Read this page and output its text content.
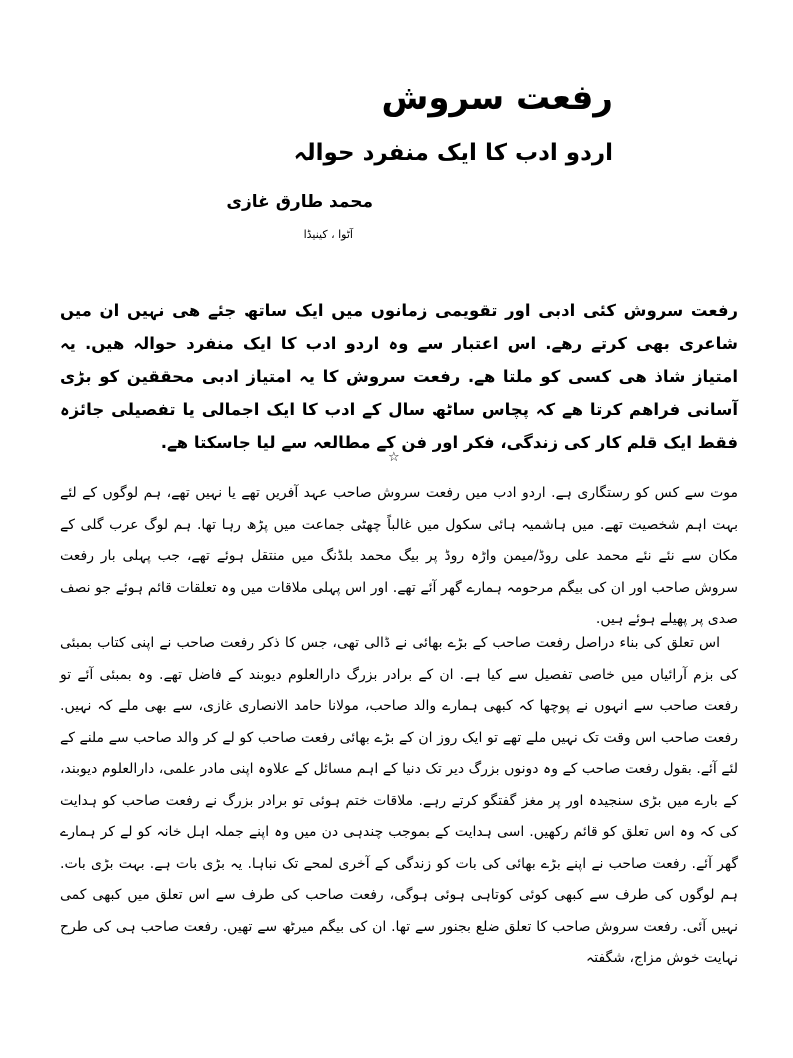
رفعت سروش
اردو ادب کا ایک منفرد حوالہ
محمد طارق غازی
آٹوا ، کینیڈا

رفعت سروش کئی ادبی اور تقویمی زمانوں میں ایک ساتھ جئے ھی نہیں ان میں شاعری بھی کرتے رھے. اس اعتبار سے وہ اردو ادب کا ایک منفرد حوالہ ھیں. یہ امتیاز شاذ ھی کسی کو ملتا ھے. رفعت سروش کا یہ امتیاز ادبی محققین کو بڑی آسانی فراھم کرتا ھے کہ پچاس ساٹھ سال کے ادب کا ایک اجمالی یا تفصیلی جائزہ فقط ایک قلم کار کی زندگی، فکر اور فن کے مطالعہ سے لیا جاسکتا ھے.

☆

موت سے کس کو رستگاری ہے. اردو ادب میں رفعت سروش صاحب عہد آفریں تھے یا نہیں تھے، ہم لوگوں کے لئے بہت اہم شخصیت تھے. میں ہاشمیہ ہائی سکول میں غالباً چھٹی جماعت میں پڑھ رہا تھا. ہم لوگ عرب گلی کے مکان سے نئے نئے محمد علی روڈ/میمن واڑہ روڈ پر بیگ محمد بلڈنگ میں منتقل ہوئے تھے، جب پہلی بار رفعت سروش صاحب اور ان کی بیگم مرحومہ ہمارے گھر آئے تھے. اور اس پہلی ملاقات میں وہ تعلقات قائم ہوئے جو نصف صدی پر پھیلے ہوئے ہیں.

اس تعلق کی بناء دراصل رفعت صاحب کے بڑے بھائی نے ڈالی تھی، جس کا ذکر رفعت صاحب نے اپنی کتاب بمبئی کی بزم آرائیاں میں خاصی تفصیل سے کیا ہے. ان کے برادر بزرگ دارالعلوم دیوبند کے فاضل تھے. وہ بمبئی آئے تو رفعت صاحب سے انہوں نے پوچھا کہ کبھی ہمارے والد صاحب، مولانا حامد الانصاری غازی، سے بھی ملے کہ نہیں. رفعت صاحب اس وقت تک نہیں ملے تھے تو ایک روز ان کے بڑے بھائی رفعت صاحب کو لے کر والد صاحب سے ملنے کے لئے آئے. بقول رفعت صاحب کے وہ دونوں بزرگ دیر تک دنیا کے اہم مسائل کے علاوہ اپنی مادر علمی، دارالعلوم دیوبند، کے بارے میں بڑی سنجیدہ اور پر مغز گفتگو کرتے رہے. ملاقات ختم ہوئی تو برادر بزرگ نے رفعت صاحب کو ہدایت کی کہ وہ اس تعلق کو قائم رکھیں. اسی ہدایت کے بموجب چندہی دن میں وہ اپنے جملہ اہل خانہ کو لے کر ہمارے گھر آئے. رفعت صاحب نے اپنے بڑے بھائی کی بات کو زندگی کے آخری لمحے تک نباہا. یہ بڑی بات ہے. بہت بڑی بات. ہم لوگوں کی طرف سے کبھی کوئی کوتاہی ہوئی ہوگی، رفعت صاحب کی طرف سے اس تعلق میں کبھی کمی نہیں آئی. رفعت سروش صاحب کا تعلق ضلع بجنور سے تھا. ان کی بیگم میرٹھ سے تھیں. رفعت صاحب ہی کی طرح نہایت خوش مزاج، شگفتہ
